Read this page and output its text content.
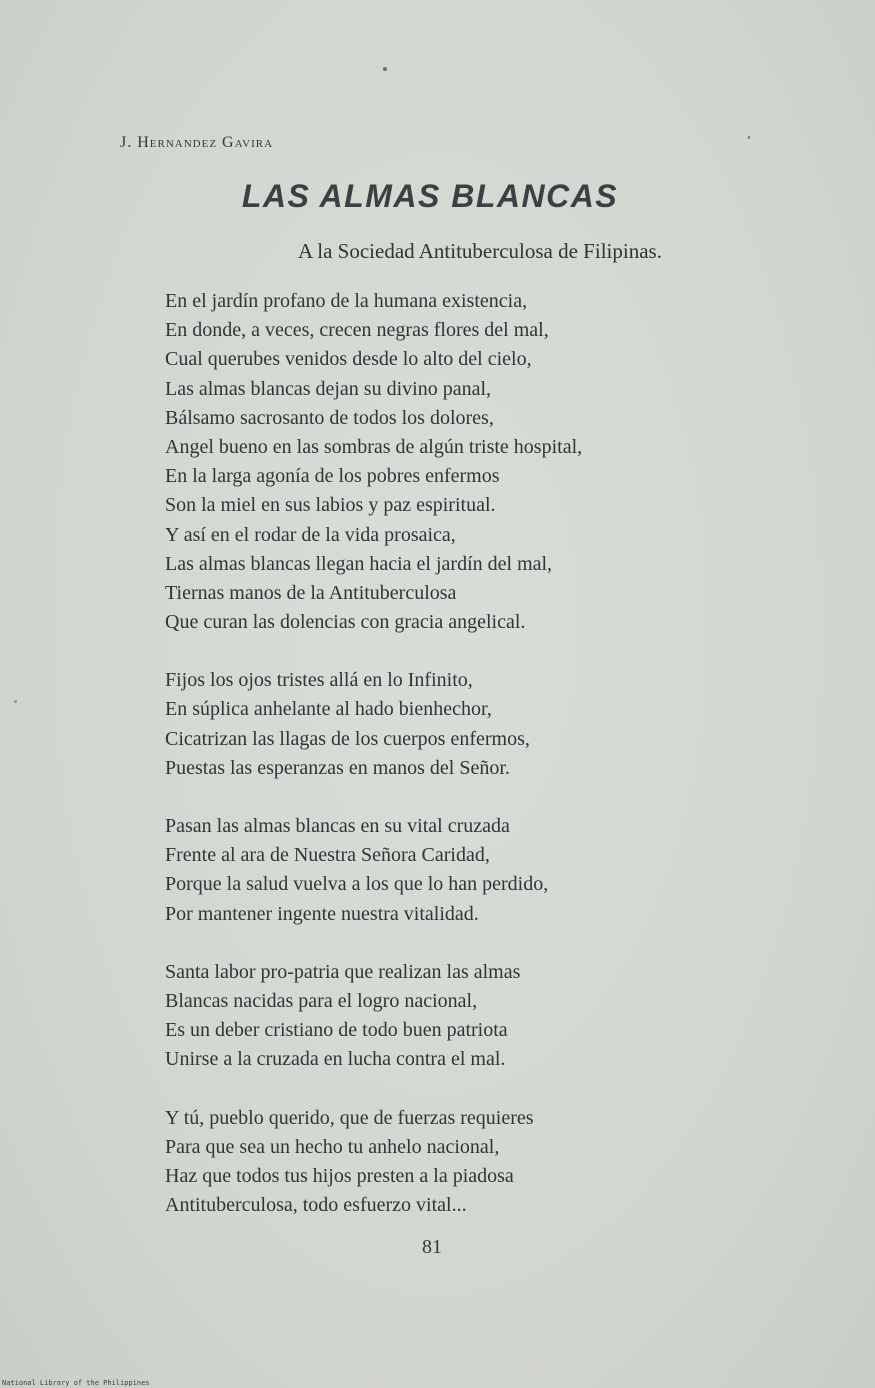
J. Hernandez Gavira
LAS ALMAS BLANCAS
A la Sociedad Antituberculosa de Filipinas.
En el jardín profano de la humana existencia,
En donde, a veces, crecen negras flores del mal,
Cual querubes venidos desde lo alto del cielo,
Las almas blancas dejan su divino panal,
Bálsamo sacrosanto de todos los dolores,
Angel bueno en las sombras de algún triste hospital,
En la larga agonía de los pobres enfermos
Son la miel en sus labios y paz espiritual.
Y así en el rodar de la vida prosaica,
Las almas blancas llegan hacia el jardín del mal,
Tiernas manos de la Antituberculosa
Que curan las dolencias con gracia angelical.
Fijos los ojos tristes allá en lo Infinito,
En súplica anhelante al hado bienhechor,
Cicatrizan las llagas de los cuerpos enfermos,
Puestas las esperanzas en manos del Señor.
Pasan las almas blancas en su vital cruzada
Frente al ara de Nuestra Señora Caridad,
Porque la salud vuelva a los que lo han perdido,
Por mantener ingente nuestra vitalidad.
Santa labor pro-patria que realizan las almas
Blancas nacidas para el logro nacional,
Es un deber cristiano de todo buen patriota
Unirse a la cruzada en lucha contra el mal.
Y tú, pueblo querido, que de fuerzas requieres
Para que sea un hecho tu anhelo nacional,
Haz que todos tus hijos presten a la piadosa
Antituberculosa, todo esfuerzo vital...
81
National Library of the Philippines
